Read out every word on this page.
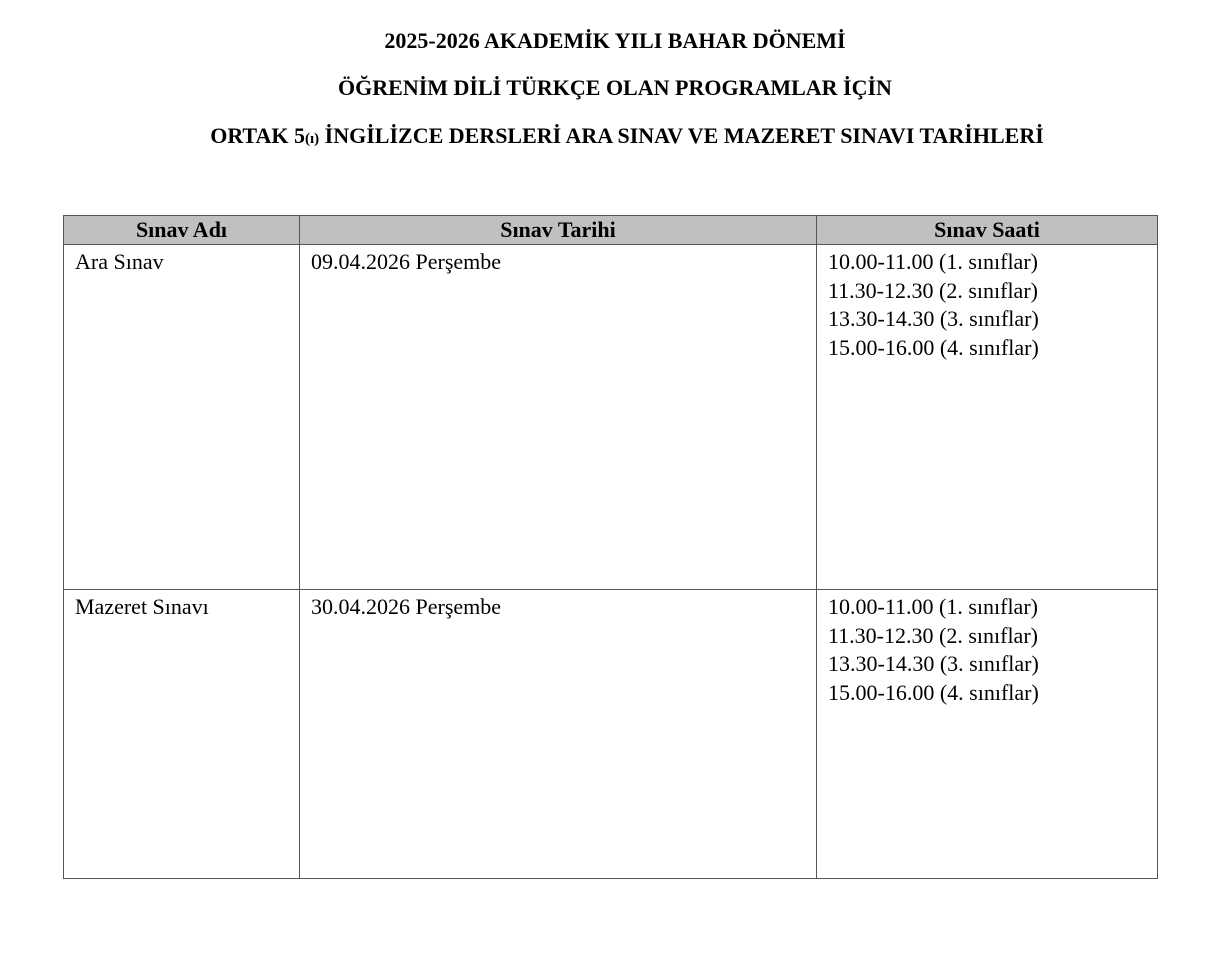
2025-2026 AKADEMİK YILI BAHAR DÖNEMİ
ÖĞRENİM DİLİ TÜRKÇE OLAN PROGRAMLAR İÇİN
ORTAK 5(ı) İNGİLİZCE DERSLERİ ARA SINAV VE MAZERET SINAVI TARİHLERİ
Sınav Adı	Sınav Tarihi	Sınav Saati
Ara Sınav	09.04.2026 Perşembe	10.00-11.00 (1. sınıflar)
11.30-12.30 (2. sınıflar)
13.30-14.30 (3. sınıflar)
15.00-16.00 (4. sınıflar)

Mazeret Sınavı	30.04.2026 Perşembe	10.00-11.00 (1. sınıflar)
11.30-12.30 (2. sınıflar)
13.30-14.30 (3. sınıflar)
15.00-16.00 (4. sınıflar)
